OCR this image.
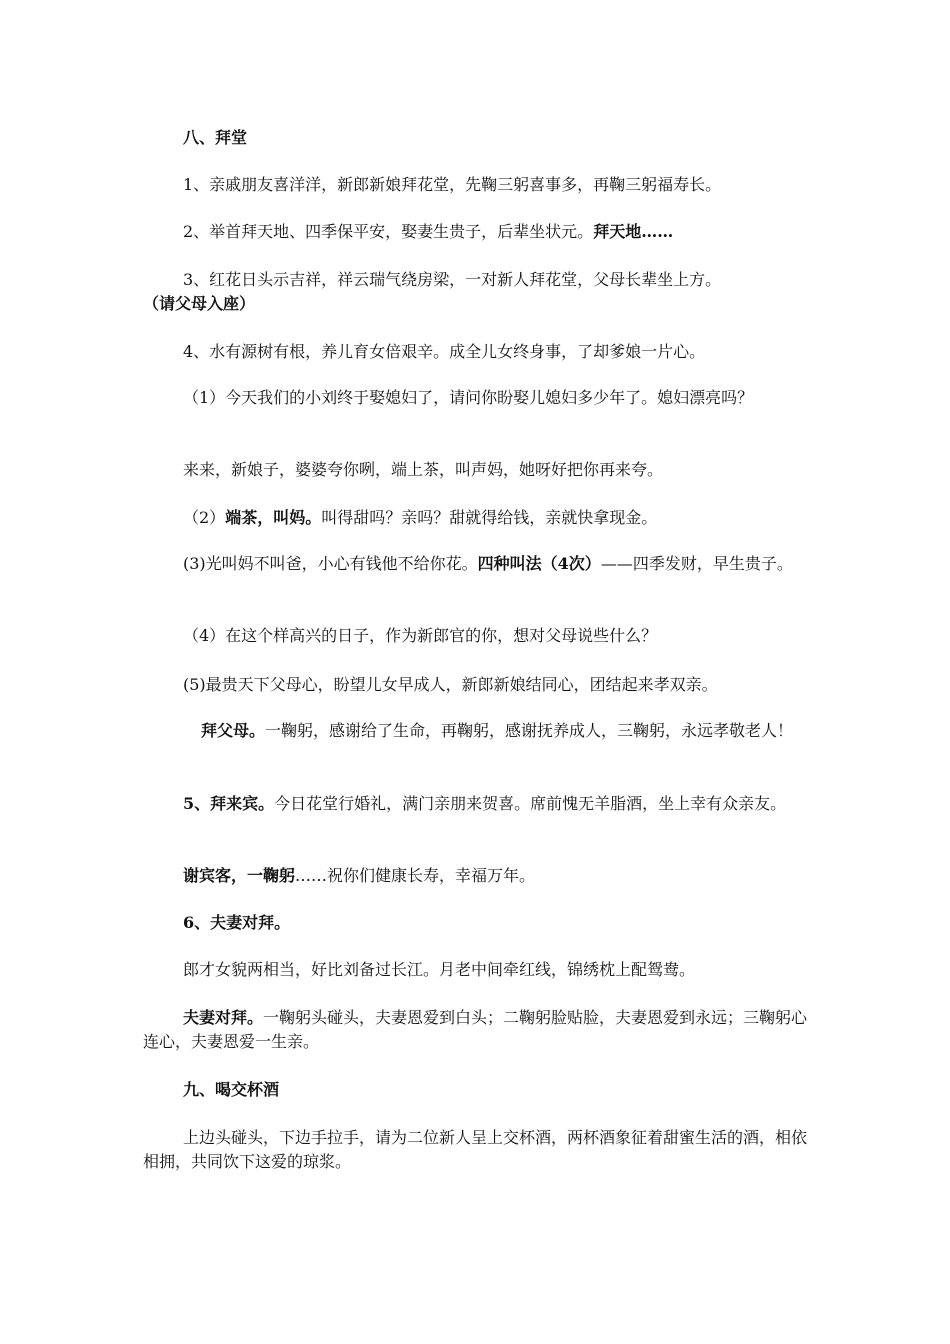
八、拜堂

1、亲戚朋友喜洋洋，新郎新娘拜花堂，先鞠三躬喜事多，再鞠三躬福寿长。

2、举首拜天地、四季保平安，娶妻生贵子，后辈坐状元。拜天地……

3、红花日头示吉祥，祥云瑞气绕房梁，一对新人拜花堂，父母长辈坐上方。（请父母入座）

4、水有源树有根，养儿育女倍艰辛。成全儿女终身事，了却爹娘一片心。

（1）今天我们的小刘终于娶媳妇了，请问你盼娶儿媳妇多少年了。媳妇漂亮吗？

来来，新娘子，婆婆夸你咧，端上茶，叫声妈，她呀好把你再来夸。

（2）端茶，叫妈。叫得甜吗？亲吗？甜就得给钱，亲就快拿现金。

(3)光叫妈不叫爸，小心有钱他不给你花。四种叫法（4次）——四季发财，早生贵子。

（4）在这个样高兴的日子，作为新郎官的你，想对父母说些什么？

(5)最贵天下父母心，盼望儿女早成人，新郎新娘结同心，团结起来孝双亲。

拜父母。一鞠躬，感谢给了生命，再鞠躬，感谢抚养成人，三鞠躬，永远孝敬老人！

5、拜来宾。今日花堂行婚礼，满门亲朋来贺喜。席前愧无羊脂酒，坐上幸有众亲友。

谢宾客，一鞠躬……祝你们健康长寿，幸福万年。

6、夫妻对拜。

郎才女貌两相当，好比刘备过长江。月老中间牵红线，锦绣枕上配鸳鸯。

夫妻对拜。一鞠躬头碰头，夫妻恩爱到白头；二鞠躬脸贴脸，夫妻恩爱到永远；三鞠躬心连心，夫妻恩爱一生亲。

九、喝交杯酒

上边头碰头，下边手拉手，请为二位新人呈上交杯酒，两杯酒象征着甜蜜生活的酒，相依相拥，共同饮下这爱的琼浆。
